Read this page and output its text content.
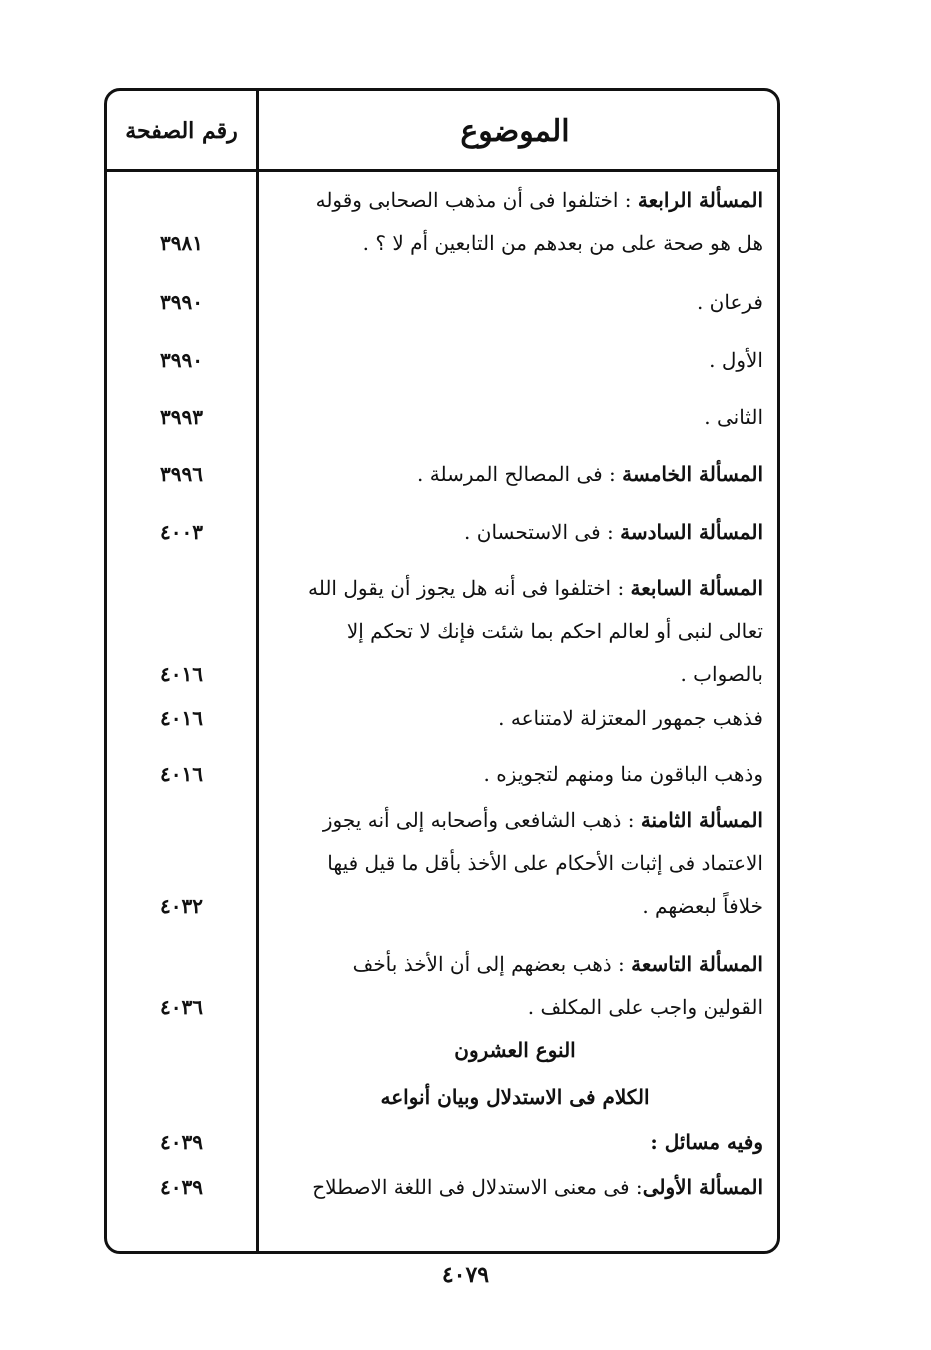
الموضوع
رقم الصفحة
المسألة الرابعة : اختلفوا فى أن مذهب الصحابى وقوله
هل هو صحة على من بعدهم من التابعين أم لا ؟ .
٣٩٨١
فرعان .
٣٩٩٠
الأول .
٣٩٩٠
الثانى .
٣٩٩٣
المسألة الخامسة : فى المصالح المرسلة .
٣٩٩٦
المسألة السادسة : فى الاستحسان .
٤٠٠٣
المسألة السابعة : اختلفوا فى أنه هل يجوز أن يقول الله
تعالى لنبى أو لعالم احكم بما شئت فإنك لا تحكم إلا
بالصواب .
٤٠١٦
فذهب جمهور المعتزلة لامتناعه .
٤٠١٦
وذهب الباقون منا ومنهم لتجويزه .
٤٠١٦
المسألة الثامنة : ذهب الشافعى وأصحابه إلى أنه يجوز
الاعتماد فى إثبات الأحكام على الأخذ بأقل ما قيل فيها
خلافاً لبعضهم .
٤٠٣٢
المسألة التاسعة : ذهب بعضهم إلى أن الأخذ بأخف
القولين واجب على المكلف .
٤٠٣٦
النوع العشرون
الكلام فى الاستدلال وبيان أنواعه
وفيه مسائل :
٤٠٣٩
المسألة الأولى: فى معنى الاستدلال فى اللغة الاصطلاح
٤٠٣٩
٤٠٧٩
